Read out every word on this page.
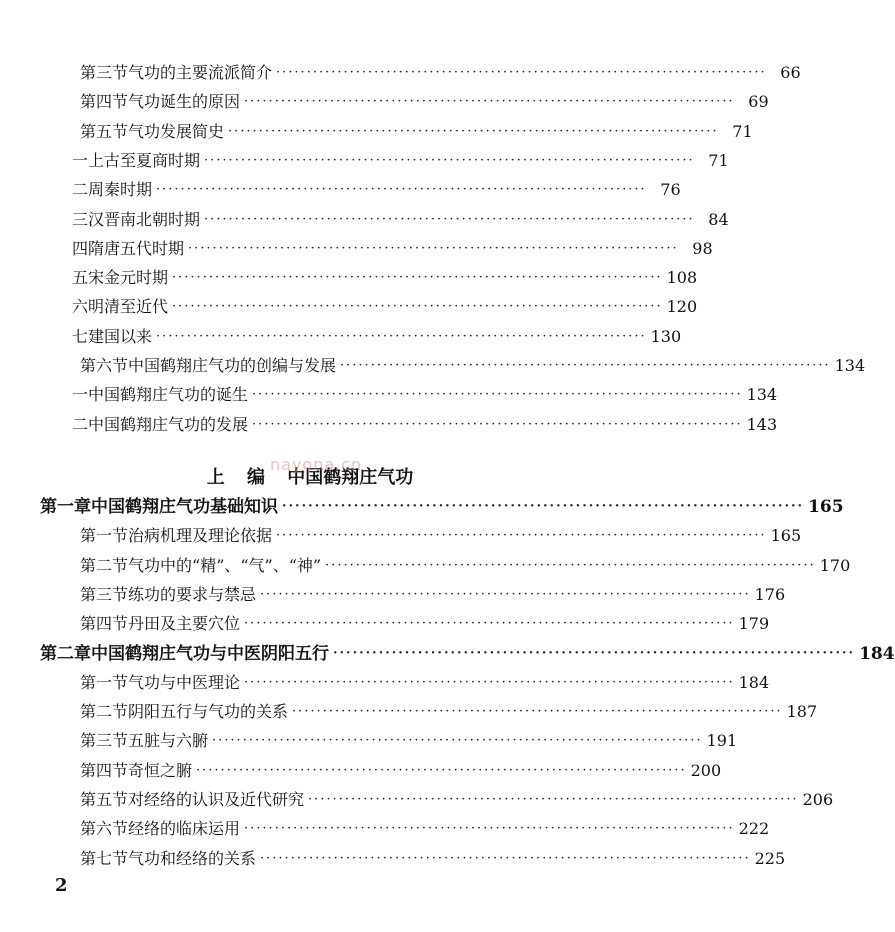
第三节 气功的主要流派简介 ················································································ 66
第四节 气功诞生的原因 ················································································ 69
第五节 气功发展简史 ················································································ 71
一 上古至夏商时期 ················································································ 71
二 周秦时期 ················································································ 76
三 汉晋南北朝时期 ················································································ 84
四 隋唐五代时期 ················································································ 98
五 宋金元时期 ················································································ 108
六 明清至近代 ················································································ 120
七 建国以来 ················································································ 130
第六节 中国鹤翔庄气功的创编与发展 ················································································ 134
一 中国鹤翔庄气功的诞生 ················································································ 134
二 中国鹤翔庄气功的发展 ················································································ 143
第一章 中国鹤翔庄气功基础知识 ················································································ 165
第一节 治病机理及理论依据 ················································································ 165
第二节 气功中的“精”、“气”、“神” ················································································ 170
第三节 练功的要求与禁忌 ················································································ 176
第四节 丹田及主要穴位 ················································································ 179
第二章 中国鹤翔庄气功与中医阴阳五行 ················································································ 184
第一节 气功与中医理论 ················································································ 184
第二节 阴阳五行与气功的关系 ················································································ 187
第三节 五脏与六腑 ················································································ 191
第四节 奇恒之腑 ················································································ 200
第五节 对经络的认识及近代研究 ················································································ 206
第六节 经络的临床运用 ················································································ 222
第七节 气功和经络的关系 ················································································ 225
上 编 中国鹤翔庄气功
nayona.cn
2
